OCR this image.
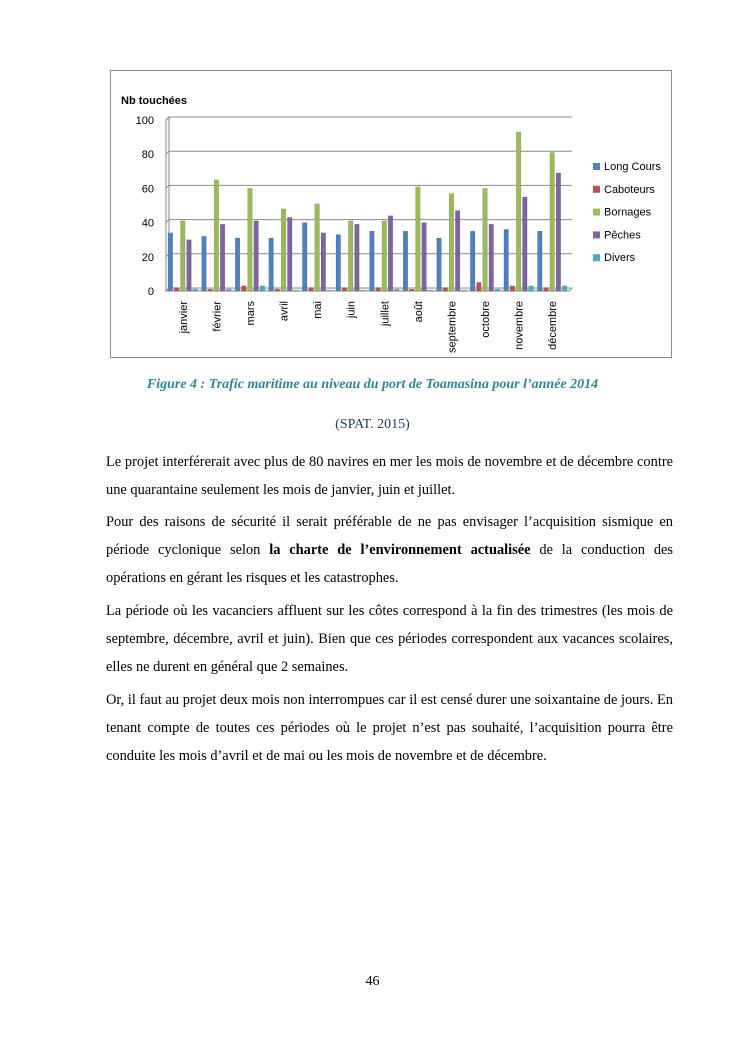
0
20
40
60
80
100
Nb touchées
janvier février mars avril mai juin juillet août septembre octobre novembre décembre
Long Cours
Caboteurs
Bornages
Pêches
Divers
Figure 4 : Trafic maritime au niveau du port de Toamasina pour l’année 2014
(SPAT. 2015)

Le projet interférerait avec plus de 80 navires en mer les mois de novembre et de décembre contre une quarantaine seulement les mois de janvier, juin et juillet.

Pour des raisons de sécurité il serait préférable de ne pas envisager l’acquisition sismique en période cyclonique selon la charte de l’environnement actualisée de la conduction des opérations en gérant les risques et les catastrophes.

La période où les vacanciers affluent sur les côtes correspond à la fin des trimestres (les mois de septembre, décembre, avril et juin). Bien que ces périodes correspondent aux vacances scolaires, elles ne durent en général que 2 semaines.

Or, il faut au projet deux mois non interrompues car il est censé durer une soixantaine de jours. En tenant compte de toutes ces périodes où le projet n’est pas souhaité, l’acquisition pourra être conduite les mois d’avril et de mai ou les mois de novembre et de décembre.

46
